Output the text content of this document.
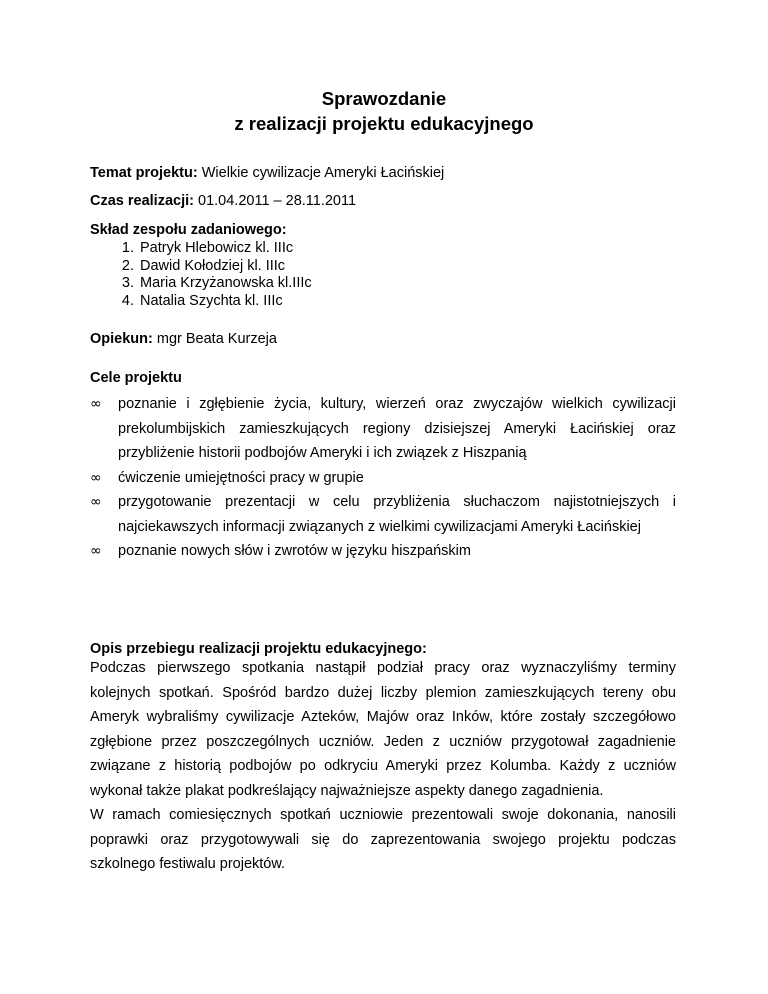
Sprawozdanie
z realizacji projektu edukacyjnego
Temat projektu: Wielkie cywilizacje Ameryki Łacińskiej
Czas realizacji: 01.04.2011 – 28.11.2011
Skład zespołu zadaniowego:
1. Patryk Hlebowicz kl. IIIc
2. Dawid Kołodziej kl. IIIc
3. Maria Krzyżanowska kl.IIIc
4. Natalia Szychta kl. IIIc
Opiekun: mgr Beata Kurzeja
Cele projektu
∞ poznanie i zgłębienie życia, kultury, wierzeń oraz zwyczajów wielkich cywilizacji prekolumbijskich zamieszkujących regiony dzisiejszej Ameryki Łacińskiej oraz przybliżenie historii podbojów Ameryki i ich związek z Hiszpanią
∞ ćwiczenie umiejętności pracy w grupie
∞ przygotowanie prezentacji w celu przybliżenia słuchaczom najistotniejszych i najciekawszych informacji związanych z wielkimi cywilizacjami Ameryki Łacińskiej
∞ poznanie nowych słów i zwrotów w języku hiszpańskim
Opis przebiegu realizacji projektu edukacyjnego:

Podczas pierwszego spotkania nastąpił podział pracy oraz wyznaczyliśmy terminy kolejnych spotkań. Spośród bardzo dużej liczby plemion zamieszkujących tereny obu Ameryk wybraliśmy cywilizacje Azteków, Majów oraz Inków, które zostały szczegółowo zgłębione przez poszczególnych uczniów. Jeden z uczniów przygotował zagadnienie związane z historią podbojów po odkryciu Ameryki przez Kolumba. Każdy z uczniów wykonał także plakat podkreślający najważniejsze aspekty danego zagadnienia.

W ramach comiesięcznych spotkań uczniowie prezentowali swoje dokonania, nanosili poprawki oraz przygotowywali się do zaprezentowania swojego projektu podczas szkolnego festiwalu projektów.
